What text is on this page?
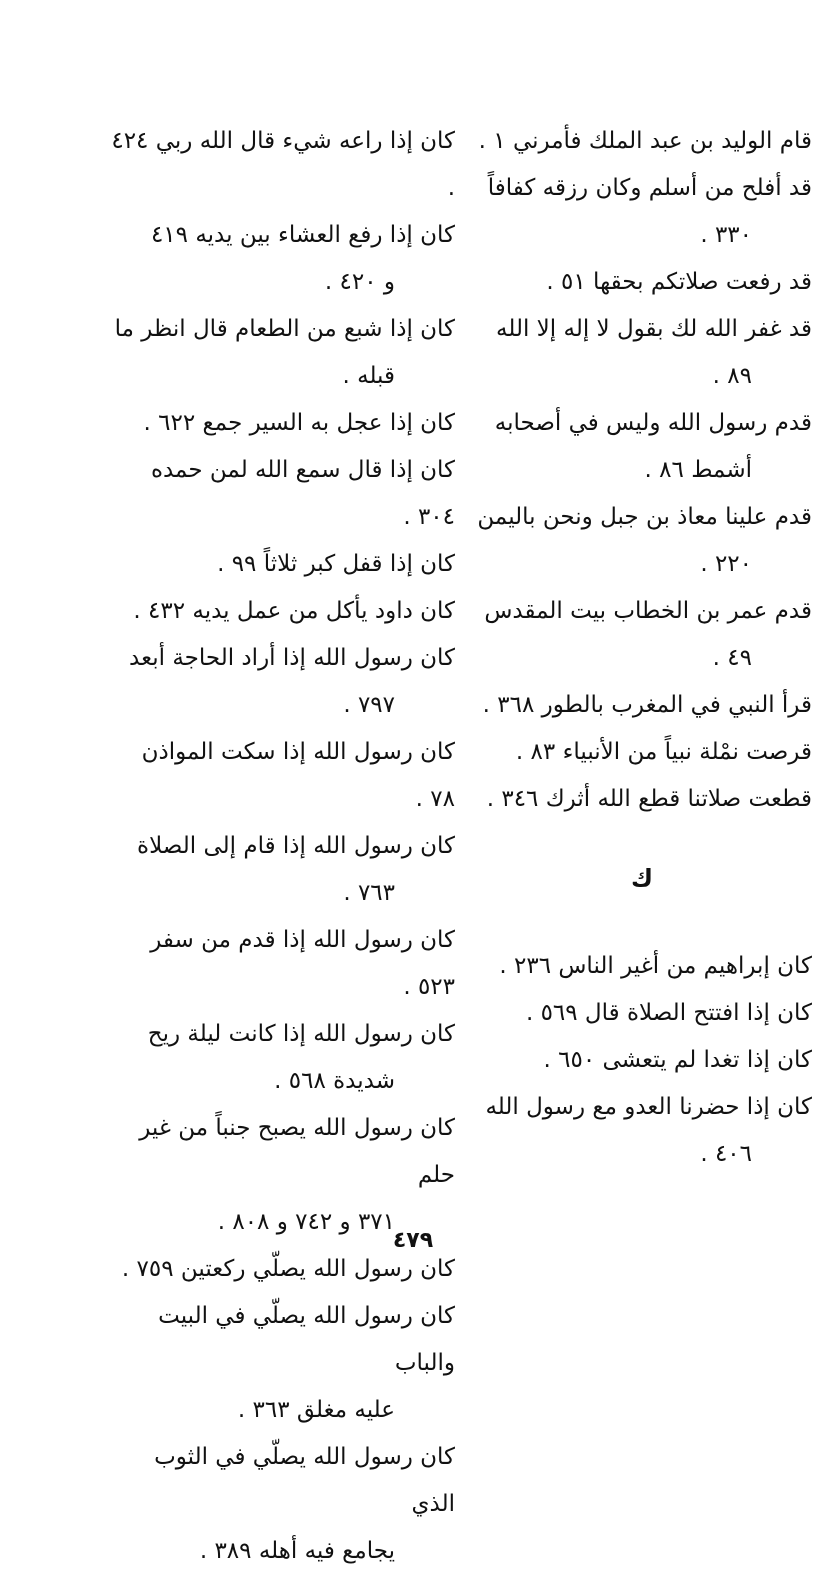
قام الوليد بن عبد الملك فأمرني ١ .

قد أفلح من أسلم وكان رزقه كفافاً
٣٣٠ .

قد رفعت صلاتكم بحقها ٥١ .

قد غفر الله لك بقول لا إله إلا الله
٨٩ .

قدم رسول الله وليس في أصحابه
أشمط ٨٦ .

قدم علينا معاذ بن جبل ونحن باليمن
٢٢٠ .

قدم عمر بن الخطاب بيت المقدس
٤٩ .

قرأ النبي في المغرب بالطور ٣٦٨ .

قرصت نمْلة نبياً من الأنبياء ٨٣ .

قطعت صلاتنا قطع الله أثرك ٣٤٦ .

ك

كان إبراهيم من أغير الناس ٢٣٦ .

كان إذا افتتح الصلاة قال ٥٦٩ .

كان إذا تغدا لم يتعشى ٦٥٠ .

كان إذا حضرنا العدو مع رسول الله
٤٠٦ .

كان إذا راعه شيء قال الله ربي ٤٢٤ .

كان إذا رفع العشاء بين يديه ٤١٩
و ٤٢٠ .

كان إذا شبع من الطعام قال انظر ما
قبله .

كان إذا عجل به السير جمع ٦٢٢ .

كان إذا قال سمع الله لمن حمده ٣٠٤ .

كان إذا قفل كبر ثلاثاً ٩٩ .

كان داود يأكل من عمل يديه ٤٣٢ .

كان رسول الله إذا أراد الحاجة أبعد
٧٩٧ .

كان رسول الله إذا سكت المواذن ٧٨ .

كان رسول الله إذا قام إلى الصلاة
٧٦٣ .

كان رسول الله إذا قدم من سفر ٥٢٣ .

كان رسول الله إذا كانت ليلة ريح
شديدة ٥٦٨ .

كان رسول الله يصبح جنباً من غير حلم
٣٧١ و ٧٤٢ و ٨٠٨ .

كان رسول الله يصلّي ركعتين ٧٥٩ .

كان رسول الله يصلّي في البيت والباب
عليه مغلق ٣٦٣ .

كان رسول الله يصلّي في الثوب الذي
يجامع فيه أهله ٣٨٩ .

٤٧٩
